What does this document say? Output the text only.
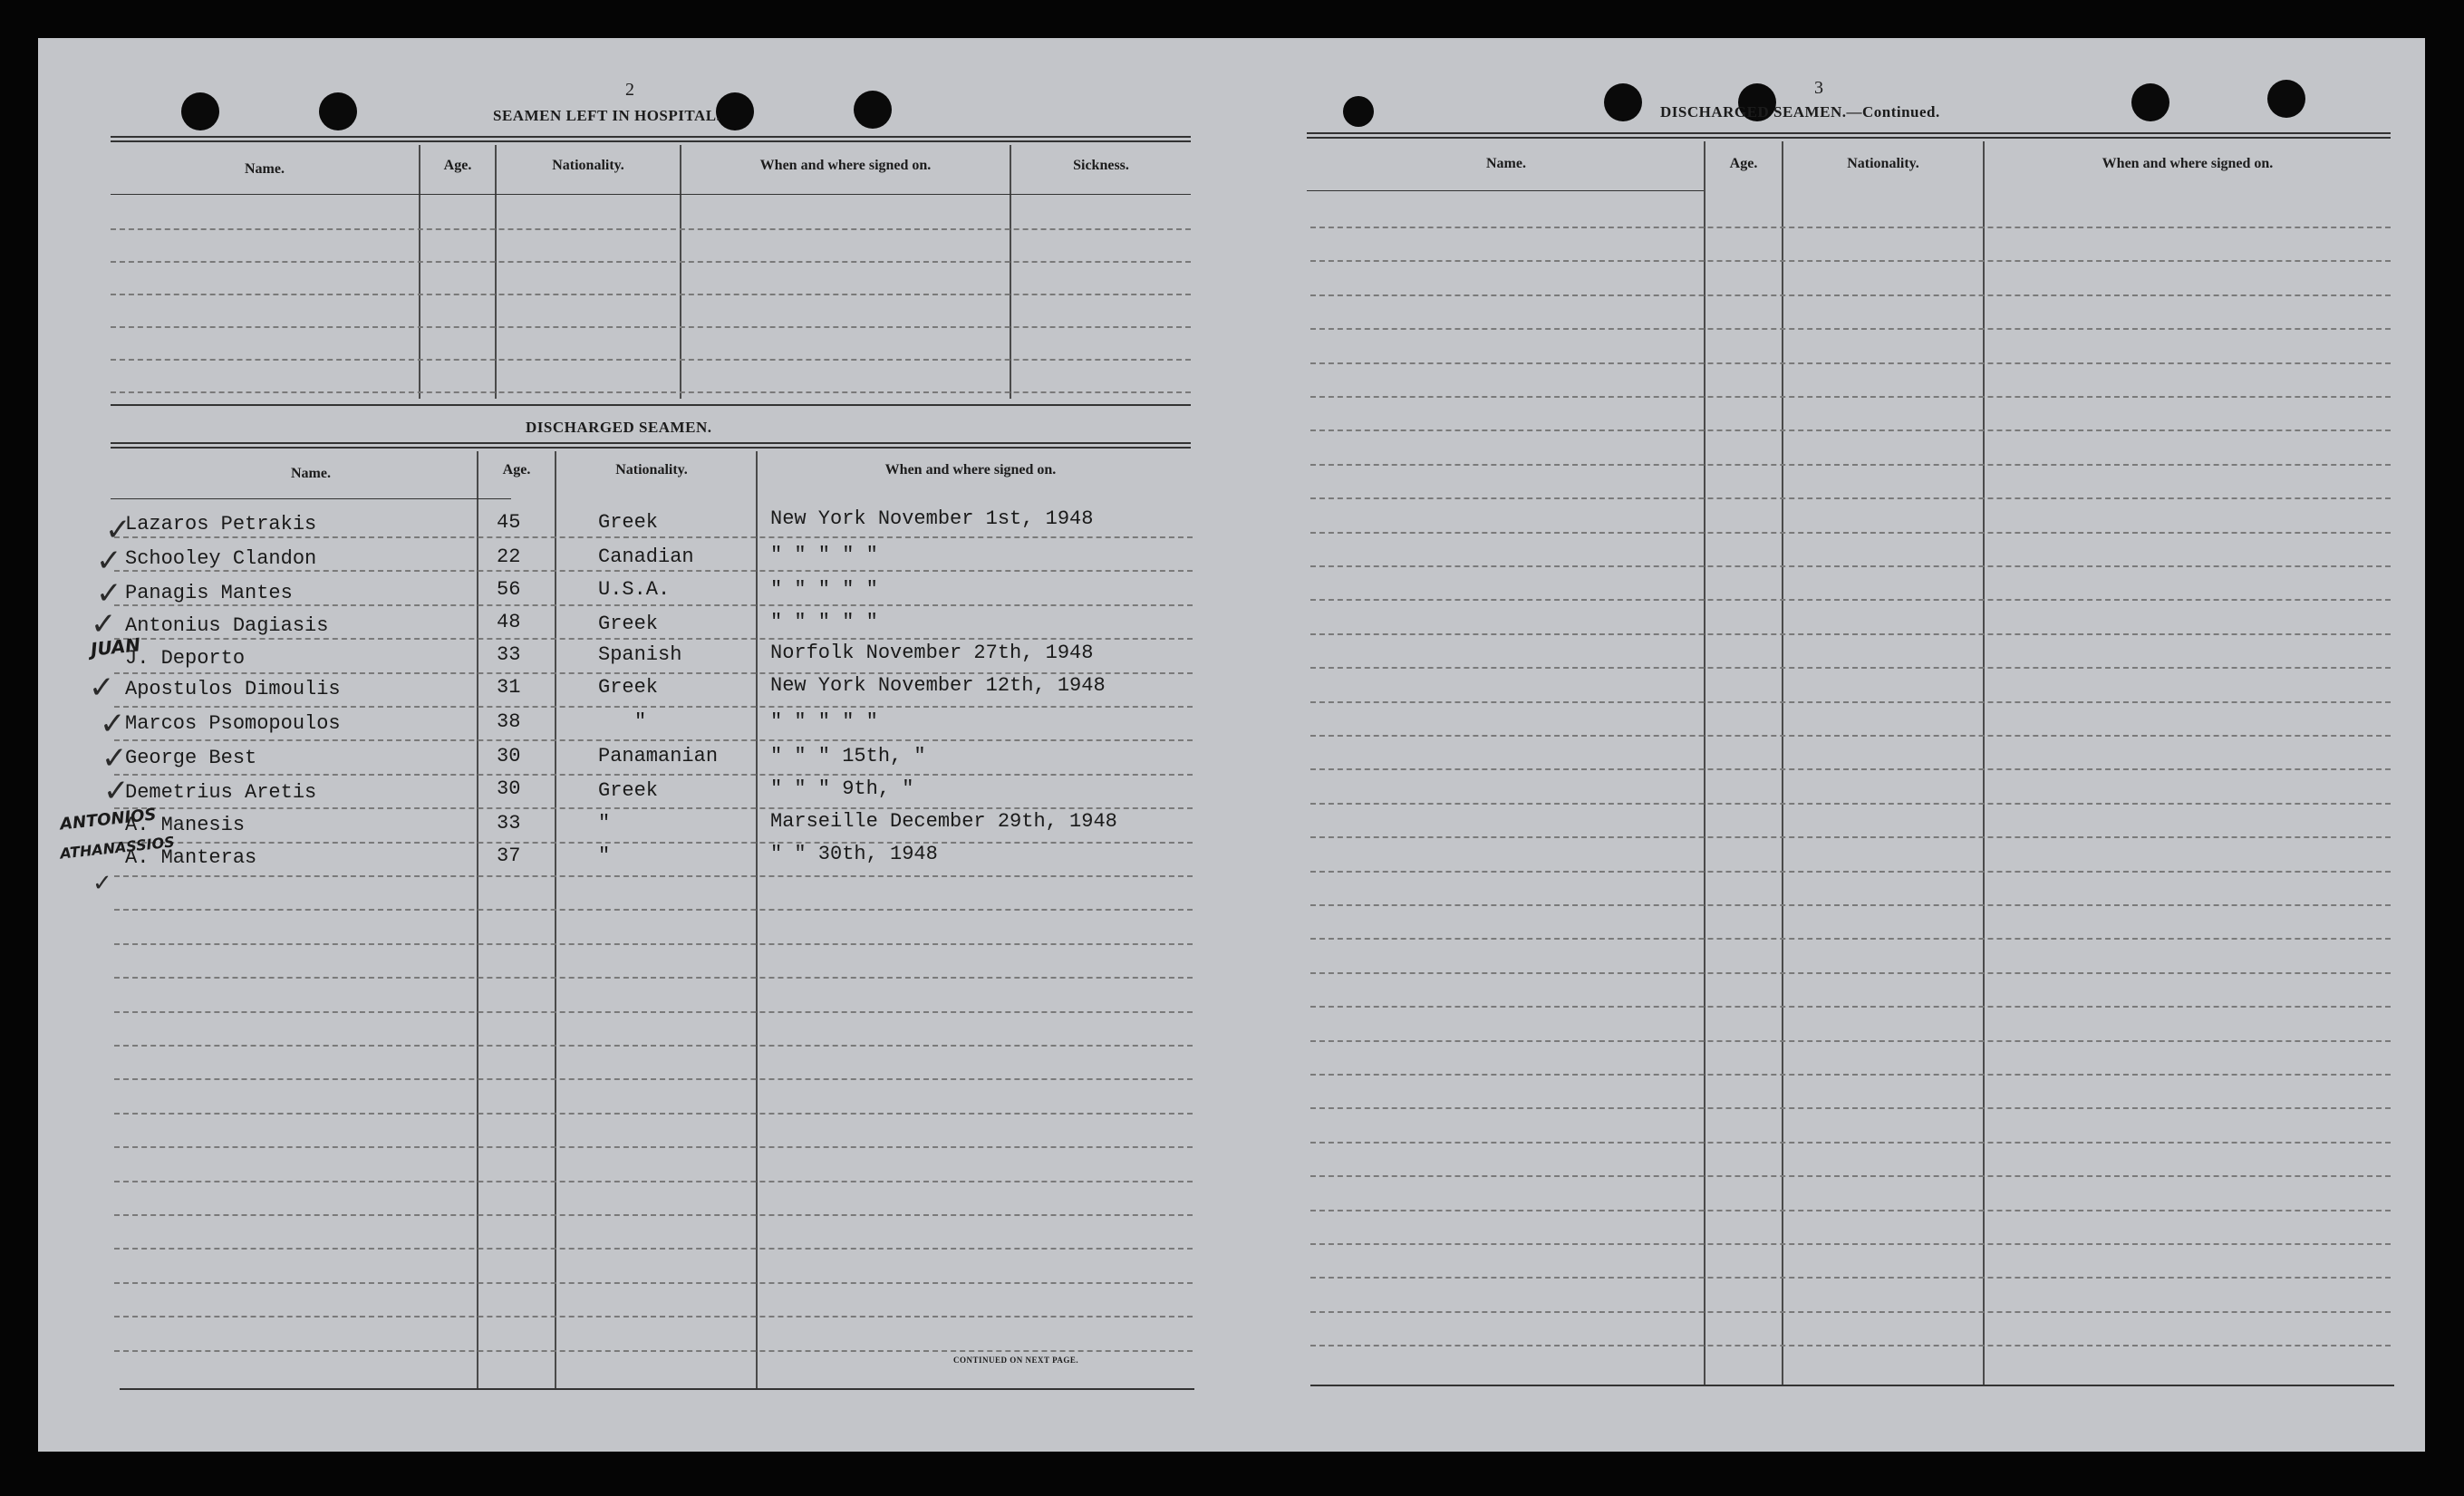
2
SEAMEN LEFT IN HOSPITAL.
Name.	Age.	Nationality.	When and where signed on.	Sickness.
DISCHARGED SEAMEN.
Name.	Age.	Nationality.	When and where signed on.
CONTINUED ON NEXT PAGE.
Lazaros Petrakis	45	Greek	New York November 1st, 1948
Schooley Clandon	22	Canadian	" " " " "
Panagis Mantes	56	U.S.A.	" " " " "
Antonius Dagiasis	48	Greek	" " " " "
J. Deporto	33	Spanish	Norfolk November 27th, 1948
Apostulos Dimoulis	31	Greek	New York November 12th, 1948
Marcos Psomopoulos	38	"	" " " " "
George Best	30	Panamanian	" " " 15th, "
Demetrius Aretis	30	Greek	" " " 9th, "
A. Manesis	33	"	Marseille December 29th, 1948
A. Manteras	37	"	" " 30th, 1948
JUAN
ANTONIOS
ATHANASSIOS
✓
✓
✓
✓
✓
✓
✓
✓
✓
3
DISCHARGED SEAMEN.—Continued.
Name.	Age.	Nationality.	When and where signed on.
